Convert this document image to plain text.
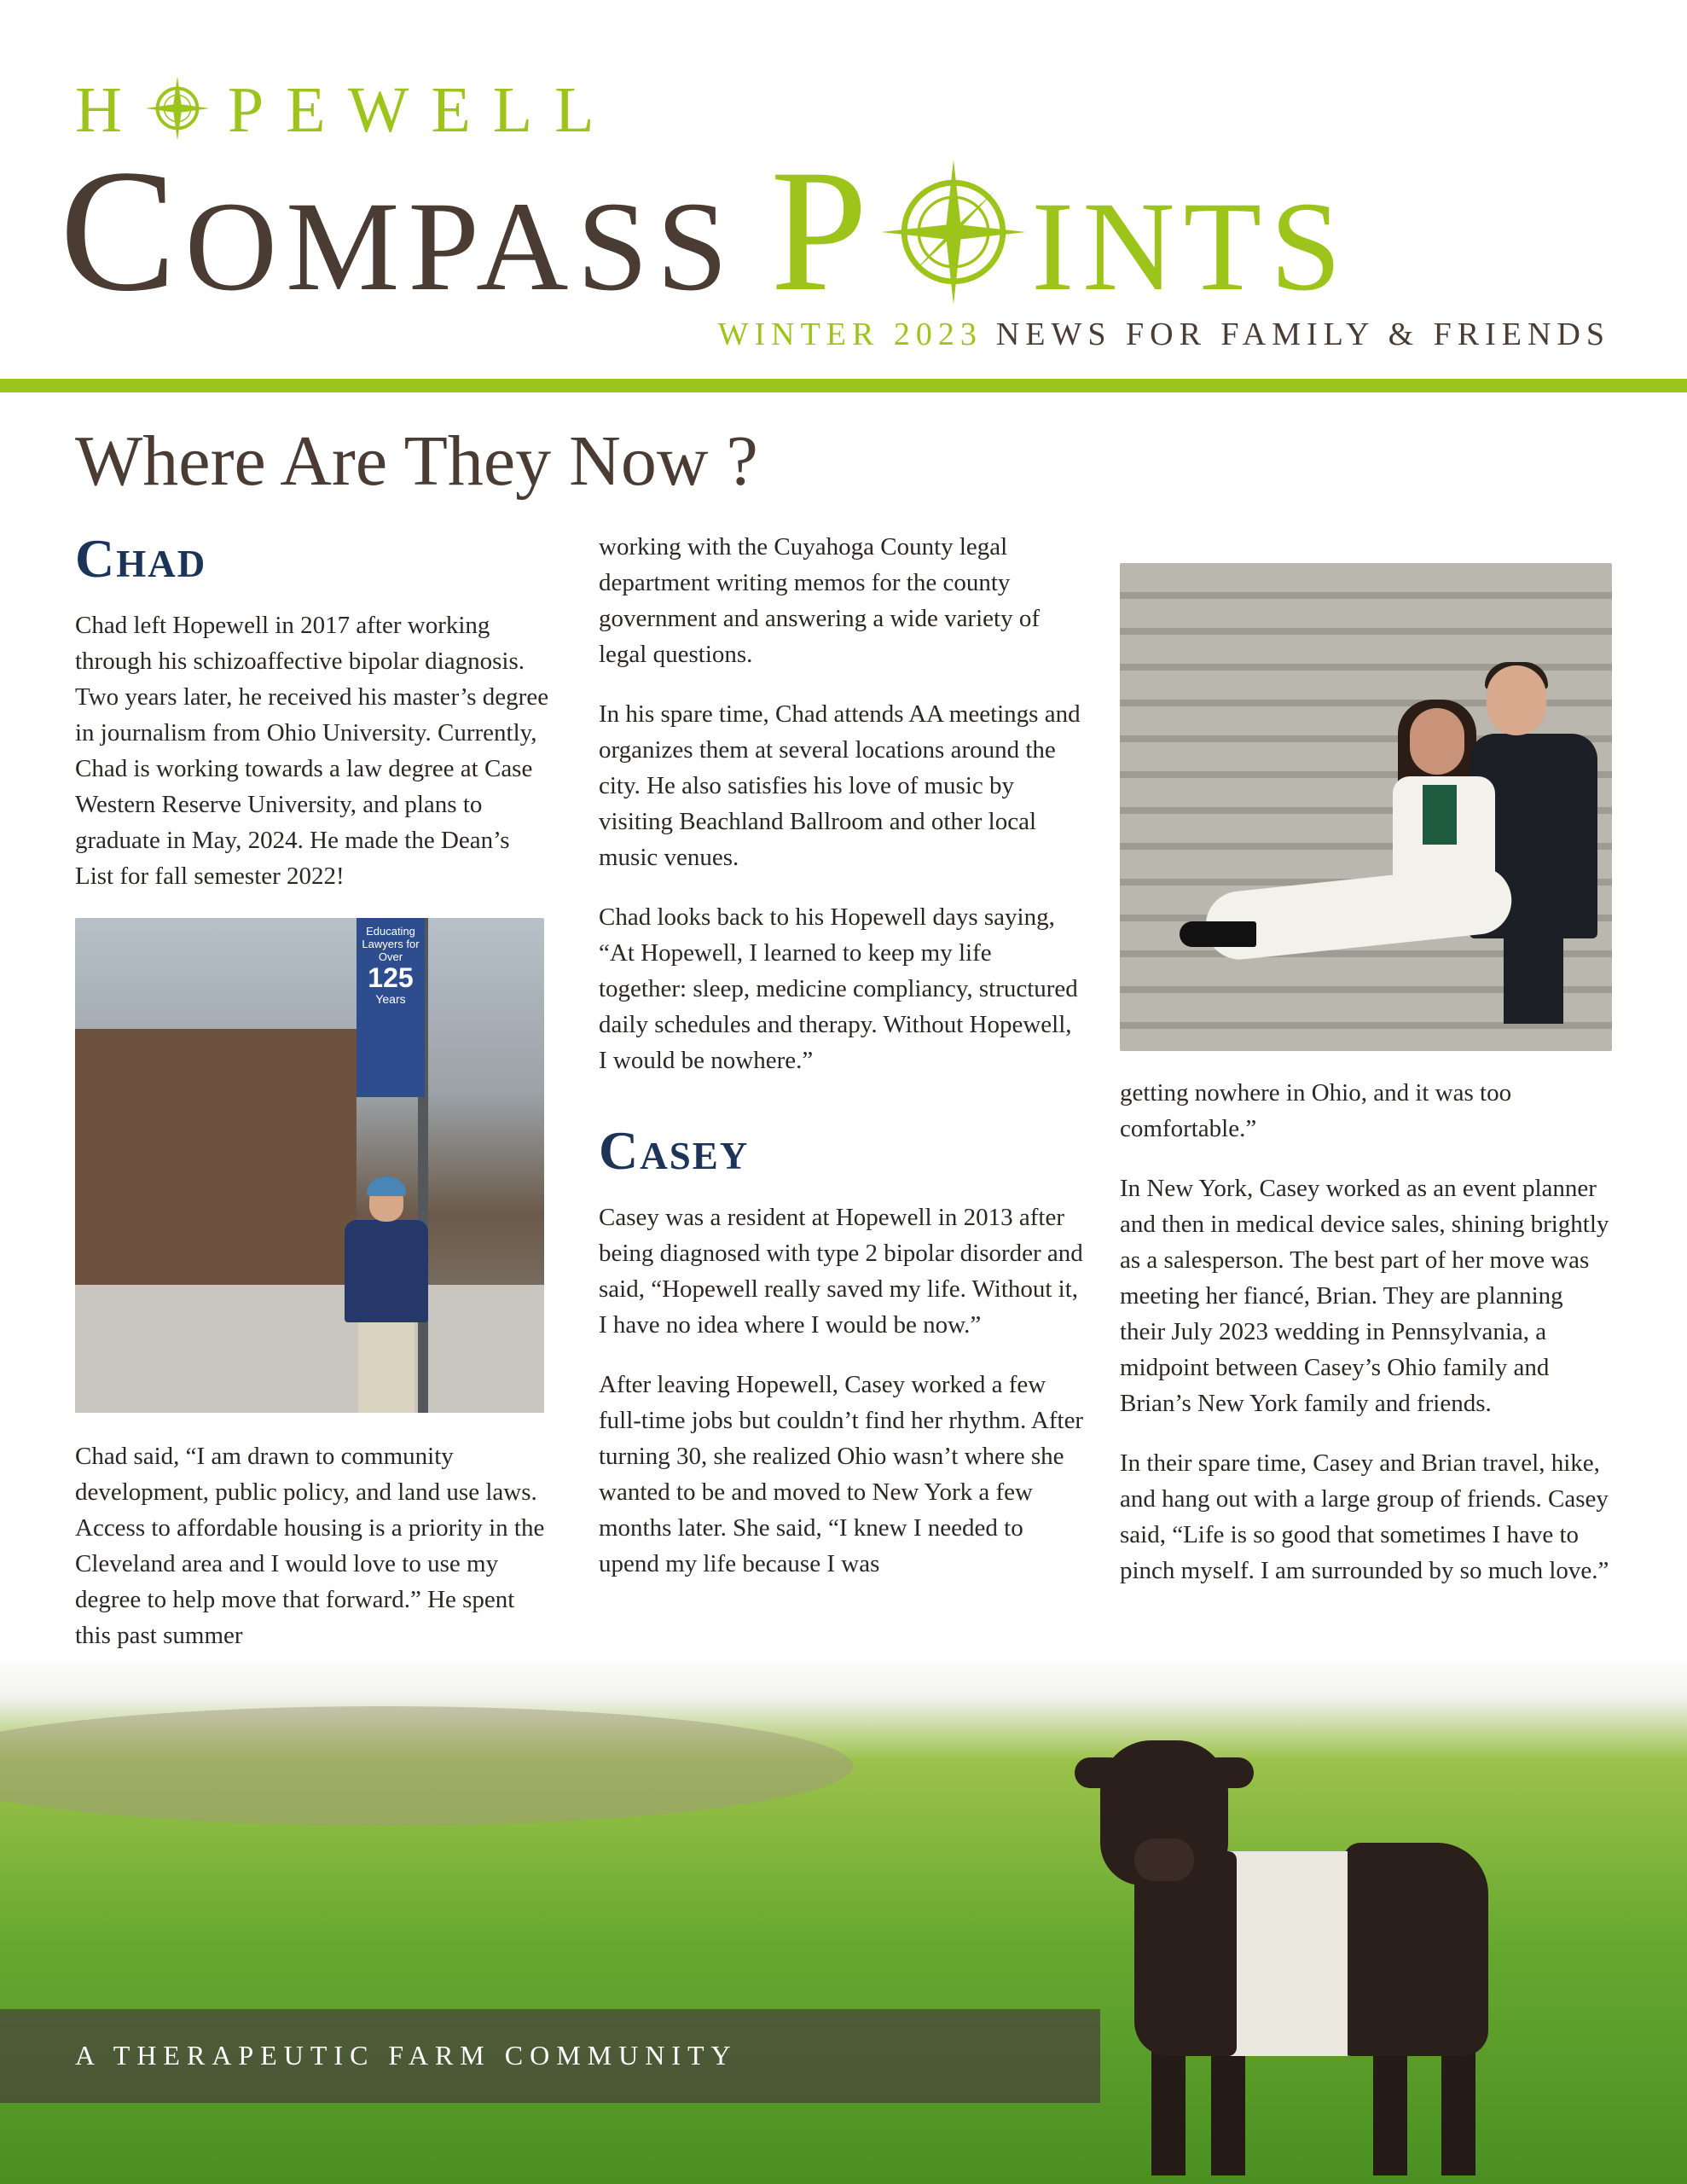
H PEWELL
COMPASS P INTS
WINTER 2023 NEWS FOR FAMILY & FRIENDS
Where Are They Now ?
Chad

Chad left Hopewell in 2017 after working through his schizoaffective bipolar diagnosis. Two years later, he received his master’s degree in journalism from Ohio University. Currently, Chad is working towards a law degree at Case Western Reserve University, and plans to graduate in May, 2024. He made the Dean’s List for fall semester 2022!

Educating Lawyers for Over
125
Years

Chad said, “I am drawn to community development, public policy, and land use laws. Access to affordable housing is a priority in the Cleveland area and I would love to use my degree to help move that forward.” He spent this past summer

working with the Cuyahoga County legal department writing memos for the county government and answering a wide variety of legal questions.

In his spare time, Chad attends AA meetings and organizes them at several locations around the city. He also satisfies his love of music by visiting Beachland Ballroom and other local music venues.

Chad looks back to his Hopewell days saying, “At Hopewell, I learned to keep my life together: sleep, medicine compliancy, structured daily schedules and therapy. Without Hopewell, I would be nowhere.”

Casey

Casey was a resident at Hopewell in 2013 after being diagnosed with type 2 bipolar disorder and said, “Hopewell really saved my life. Without it, I have no idea where I would be now.”

After leaving Hopewell, Casey worked a few full-time jobs but couldn’t find her rhythm. After turning 30, she realized Ohio wasn’t where she wanted to be and moved to New York a few months later. She said, “I knew I needed to upend my life because I was

getting nowhere in Ohio, and it was too comfortable.”

In New York, Casey worked as an event planner and then in medical device sales, shining brightly as a salesperson. The best part of her move was meeting her fiancé, Brian. They are planning their July 2023 wedding in Pennsylvania, a midpoint between Casey’s Ohio family and Brian’s New York family and friends.

In their spare time, Casey and Brian travel, hike, and hang out with a large group of friends. Casey said, “Life is so good that sometimes I have to pinch myself. I am surrounded by so much love.”

A THERAPEUTIC FARM COMMUNITY
